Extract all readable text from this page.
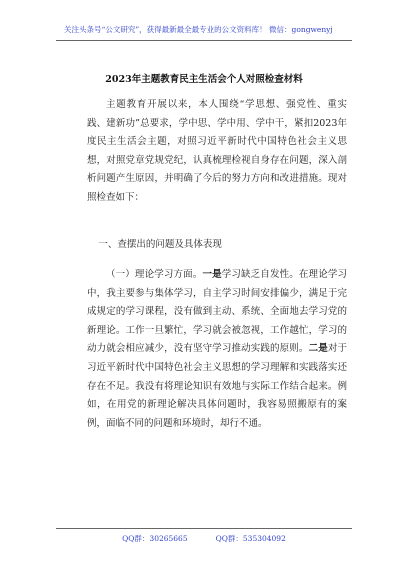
关注头条号“公文研究”，获得最新最全最专业的公文资料库！ 微信：gongwenyj
2023年主题教育民主生活会个人对照检查材料

主题教育开展以来，本人围绕“学思想、强党性、重实践、建新功”总要求，学中思、学中用、学中干，紧扣2023年度民主生活会主题，对照习近平新时代中国特色社会主义思想，对照党章党规党纪，认真梳理检视自身存在问题，深入剖析问题产生原因，并明确了今后的努力方向和改进措施。现对照检查如下：

一、查摆出的问题及具体表现

（一）理论学习方面。一是学习缺乏自发性。在理论学习中，我主要参与集体学习，自主学习时间安排偏少，满足于完成规定的学习课程，没有做到主动、系统、全面地去学习党的新理论。工作一旦繁忙，学习就会被忽视，工作越忙，学习的动力就会相应减少，没有坚守学习推动实践的原则。二是对于习近平新时代中国特色社会主义思想的学习理解和实践落实还存在不足。我没有将理论知识有效地与实际工作结合起来。例如，在用党的新理论解决具体问题时，我容易照搬原有的案例，面临不同的问题和环境时，却行不通。

QQ群：30265665	QQ群：535304092
